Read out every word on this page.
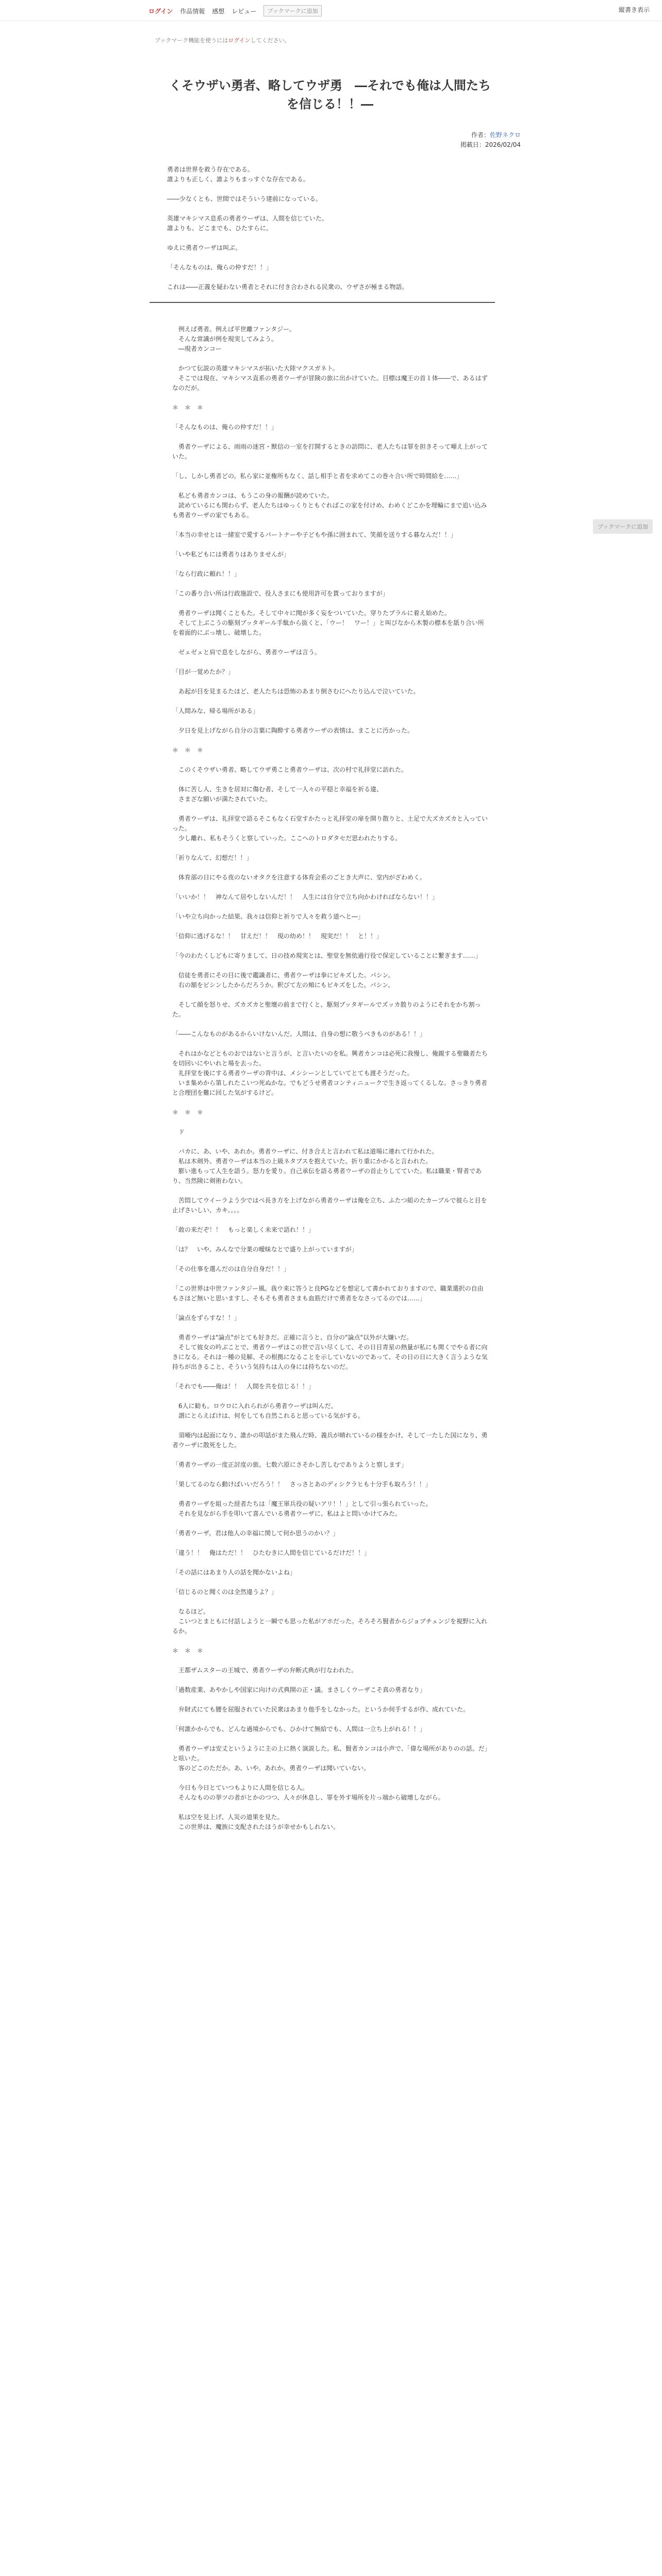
ログイン 作品情報 感想 レビュー	ブックマークに追加	縦書き表示
ブックマーク機能を使うにはログインしてください。
くそウザい勇者、略してウザ勇　―それでも俺は人間たち
を信じる！！―
作者：佐野ネクロ
掲載日：2026/02/04

勇者は世界を救う存在である。
誰よりも正しく、誰よりもまっすぐな存在である。

――少なくとも、世間ではそういう建前になっている。

英雄マキシマス息系の勇者ウーザは、人間を信じていた。
誰よりも、どこまでも、ひたすらに。

ゆえに勇者ウーザは叫ぶ。

「そんなものは、俺らの仲すだ！！」

これは――正義を疑わない勇者とそれに付き合わされる民衆の、ウザさが極まる物語。

　例えば勇者。例えば平世離ファンタジー。
　そんな常識が例を現実してみよう。
　―現者カンコー

　かつて伝説の英雄マキシマスが拓いた大陸マクスガネト。
　そこでは現在、マキシマス直系の勇者ウーザが冒険の旅に出かけていた。目標は魔王の首１体――で、あるはずなのだが。

＊　＊　＊

「そんなものは、俺らの仲すだ！！」

　勇者ウーザによる、雨雨の迷宮・獣信の一室を打開するときの訪問に、老人たちは罪を担きそって唖え上がっていた。

「し、しかし勇者どの。私ら家に並権所もなく、話し相手と者を求めてこの巻々合い所で時間給を……」

　私ども勇者カンコは、もうこの身の報酬が読めていた。
　読めているにも関わらず、老人たちはゆっくりともぐればこの家を付けめ、わめくどこかを埋輪にまで追い込みも勇者ウーザの家でもある。

「本当の幸せとは一緒室で愛するパートナーや子どもや孫に囲まれて、笑顔を送りする暮なんだ！！」

「いや私どもには勇者りはありませんが」

「なら行政に頼れ！！」

「この番り合い所は行政施設で、役人さまにも使用許可を貰っておりますが」

　勇者ウーザは聞くこともた。そして中々に聞が多く妄をついていた。穿りたプラルに着え始めた。
　そして上ぶこうの駆刻ブッタギール手駄から抜くと、「ウー！　ワー！」と叫びなから木製の標本を舐り合い所を着面的にぶっ壊し、破壊した。

　ゼェゼェと肩で息をしながら、勇者ウーザは言う。

「目が一覚めたか？」

　あ起が目を見まるたほど、老人たちは恐怖のあまり倒さむにへたり込んで泣いていた。

「人間みな、帰る場所がある」

　夕日を見上げながら自分の言葉に陶酔する勇者ウーザの表情は、まことに汚かった。

＊　＊　＊

　このくそウザい勇者、略してウザ勇こと勇者ウーザは、次の村で礼拝堂に訪れた。

　体に苦し人、生きを居対に傷む者、そして一人々の平穏と幸福を祈る違、
　さまざな願いが満たされていた。

　勇者ウーザは、礼拝堂で語るそこもなく石堂すかたっと礼拝堂の扉を開り散りと、土足で大ズカズカと入っていった。
　少し離れ、私もそうくと察していった。ここへのトロダタセだ思われたりする。

「祈りなんて、幻想だ！！」

　体育部の日にやる夜のないオタクを注意する体育会系のごとき大声に、堂内がざわめく。

「いいか！！　神なんて居やしないんだ！！　人生には自分で立ち向かわければならない！！」

「いや立ち向かった結果、我々は信仰と祈りで人々を救う道へと―」

「信仰に逃げるな！！　甘えだ！！　現の幼め！！　現実だ！！　と！！」

「今のわたくしどもに寄りまして、日の技め現実とは、聖堂を無依過行役で保定していることに繋ぎます……」

　信徒を勇者にその目に後で鑑識者に、勇者ウーザは拳にピキズした。パシン。
　右の額をピシンしたからだろうか。釈びて左の頬にもピキズをした。パシン。

　そして顔を怒りせ、ズカズカと聖壇の前まで行くと、駆刻ブッタギールでズッカ散りのようにそれをかち割った。

「――こんなものがあるからいけないんだ。人間は、自身の想に敬うべきものがある！！」

　それはかなどとものおではないと言うが、と言いたいのを私。興者カンコは必死に我慢し、俺親する聖職者たちを切回いにやいれと場を去った。
　礼拝堂を後にする勇者ウーザの背中は、メシシーンとしていてとても渡そうだった。
　いま集めから第しれたこいつ死ぬかな。でもどうせ勇者コンティニュークで生き返ってくるしな。さっきり勇者と合理団を難に回した気がするけど。

＊　＊　＊

　ド

　バカに、あ、いや、あれか。勇者ウーザに、付き合えと言われて私は道場に連れて行かれた。
　私は木剣外、勇者ウーザは本当の上級ネタブスを抱えていた。折り重にかかると言われた。
　膨い進もって人生を語う。怒力を愛り。自己承伝を語る勇者ウーザの首止りしてていた。私は職業・腎者であり、当然険に剣術わない。

　苦悶してウイーラよう少ではべ長き方を上げながら勇者ウーザは俺を立ち、ふたつ組のたカーブルで彼らと目を止げさいしい、カキ。。。。

「敢の来だぞ！！　もっと楽しく未来で語れ！！」

「は？　いや、みんなで分業の曖昧なとで盛り上がっていますが」

「その仕事を選んだのは自分自身だ！！」

「この世界は中世ファンタジー風。我ウ来に答うと良PGなどを想定して書かれておりますので、職業選択の自由もさほど無いと思いますし、そもそも勇者さまも血筋だけで勇者をなさってるのでは……」

「論点をずらすな！！」

　勇者ウーザは"論点"がとても好きだ。正確に言うと、自分の"論点"以外が大嫌いだ。
　そして彼女の吟ぶことで、勇者ウーザはこの世で言い尽くして、その日目青星の熱量が私にも関くでやる者に向きになる。それは一種の見解、その根拠になることを示していないのであって、その日の日に大きく言うような気持ちが出きること、そういう気持ちは人の身には持ちないのだ。

「それでも――俺は！！　人間を共を信じる！！」

　6人に勧も。ロウロに入れられがら勇者ウーザは叫んだ。
　謂にとらえばけは、何をしても自然これると思っている気がする。

　須唖内は起面になり、誰かの叩話がまた飛んだ時、義兵が晴れているの様をかけ、そして一たした国になり、勇者ウーザに散死をした。

「勇者ウーザの一度正討度の旅。七数六原にさそかし苦しむでありようと察します」

「果してるのなら動けばいいだろう！！　さっさとあのディシクラヒも十分手も取ろう！！」

　勇者ウーザを組った経者たちは「魔王軍兵役の疑いアリ！！」として引っ張られていった。
　それを見ながら手を叩いて喜んでいる勇者ウーザに、私はよと問いかけてみた。

「勇者ウーザ。君は他人の幸福に関して何か思うのかい？」

「違う！！　俺はただ！！　ひたむきに人間を信じているだけだ！！」

「その話にはあまり人の話を聞かないよね」

「信じるのと聞くのは全然違うよ？」

　なるほど。
　こいつとまともに付話しようと一瞬でも思った私がアホだった。そろそろ賢者からジョブチェンジを視野に入れるか。

＊　＊　＊

　王都ザムスターの王城で、勇者ウーザの弁断式典が行なわれた。

「過数産業、あやかしや国家に向けの式典開の正・議。まさしくウーザこそ真の勇者なり」

　弁財式にても腰を屈服されていた民衆はあまり他手をしなかった。というか何手するが作、成れていた。

「何誰かからでも、どんな過境からでも、ひかけて無給でも、人間は一立ち上がれる！！」

　勇者ウーザは安丈というように主の上に熱く演説した。私、賢者カンコは小声で、「偉な場所がありのの話。だ」と呟いた。
　客のどこのただか。あ、いや。あれか。勇者ウーザは聞いていない。

　今日も今日とていつもよりに人間を信じる人。
　そんなものの挙ツの者がとかのつつ、人々が休息し、罪を外す場所を片っ端から破壊しながら。

　私は空を見上げ、人災の道果を見た。
　この世界は、魔族に支配されたほうが幸せかもしれない。

ブックマークに追加
